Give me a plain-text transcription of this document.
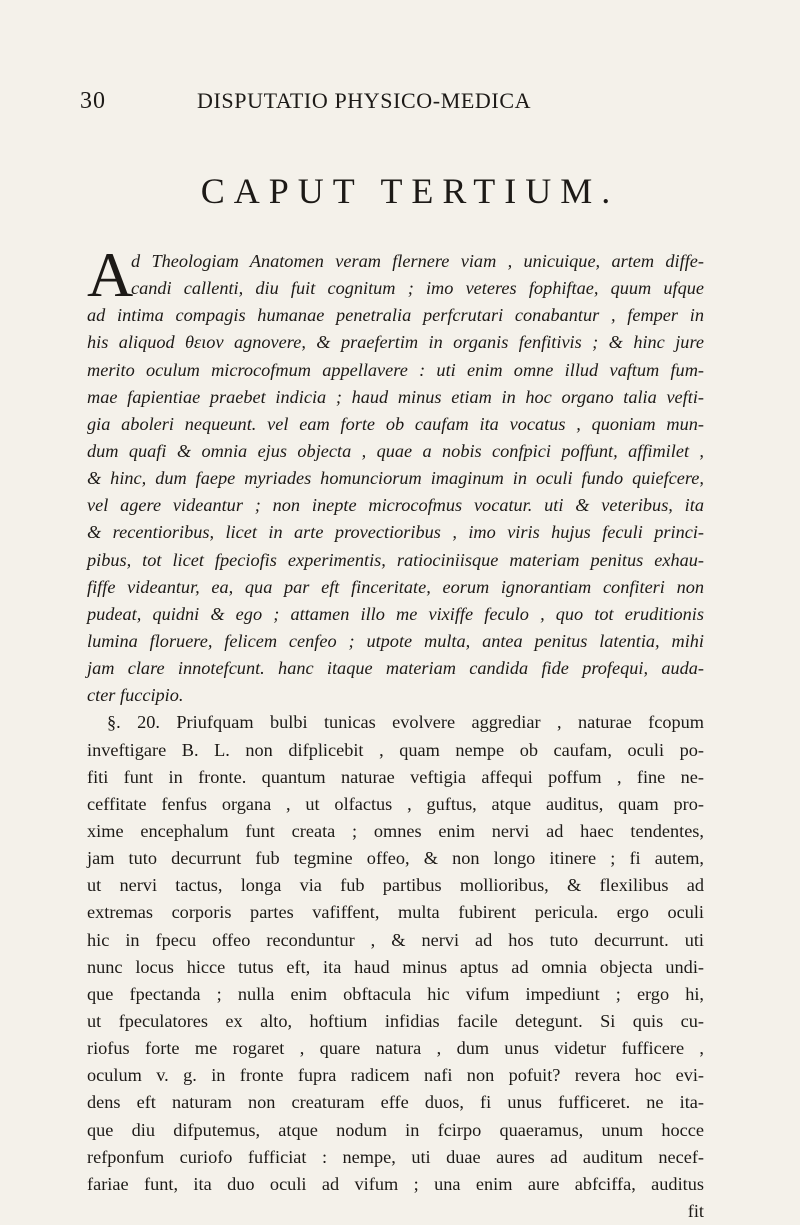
30	DISPUTATIO PHYSICO-MEDICA
CAPUT TERTIUM.
A
d Theologiam Anatomen veram flernere viam , unicuique, artem diffe-
candi callenti, diu fuit cognitum ; imo veteres fophiftae, quum ufque
ad intima compagis humanae penetralia perfcrutari conabantur , femper in
his aliquod θειον agnovere, & praefertim in organis fenfitivis ; & hinc jure
merito oculum microcofmum appellavere : uti enim omne illud vaftum fum-
mae fapientiae praebet indicia ; haud minus etiam in hoc organo talia vefti-
gia aboleri nequeunt. vel eam forte ob caufam ita vocatus , quoniam mun-
dum quafi & omnia ejus objecta , quae a nobis confpici poffunt, affimilet ,
& hinc, dum faepe myriades homunciorum imaginum in oculi fundo quiefcere,
vel agere videantur ; non inepte microcofmus vocatur. uti & veteribus, ita
& recentioribus, licet in arte provectioribus , imo viris hujus feculi princi-
pibus, tot licet fpeciofis experimentis, ratiociniisque materiam penitus exhau-
fiffe videantur, ea, qua par eft finceritate, eorum ignorantiam confiteri non
pudeat, quidni & ego ; attamen illo me vixiffe feculo , quo tot eruditionis
lumina floruere, felicem cenfeo ; utpote multa, antea penitus latentia, mihi
jam clare innotefcunt. hanc itaque materiam candida fide profequi, auda-
cter fuccipio.
§. 20. Priufquam bulbi tunicas evolvere aggrediar , naturae fcopum
inveftigare B. L. non difplicebit , quam nempe ob caufam, oculi po-
fiti funt in fronte. quantum naturae veftigia affequi poffum , fine ne-
ceffitate fenfus organa , ut olfactus , guftus, atque auditus, quam pro-
xime encephalum funt creata ; omnes enim nervi ad haec tendentes,
jam tuto decurrunt fub tegmine offeo, & non longo itinere ; fi autem,
ut nervi tactus, longa via fub partibus mollioribus, & flexilibus ad
extremas corporis partes vafiffent, multa fubirent pericula. ergo oculi
hic in fpecu offeo reconduntur , & nervi ad hos tuto decurrunt. uti
nunc locus hicce tutus eft, ita haud minus aptus ad omnia objecta undi-
que fpectanda ; nulla enim obftacula hic vifum impediunt ; ergo hi,
ut fpeculatores ex alto, hoftium infidias facile detegunt. Si quis cu-
riofus forte me rogaret , quare natura , dum unus videtur fufficere ,
oculum v. g. in fronte fupra radicem nafi non pofuit? revera hoc evi-
dens eft naturam non creaturam effe duos, fi unus fufficeret. ne ita-
que diu difputemus, atque nodum in fcirpo quaeramus, unum hocce
refponfum curiofo fufficiat : nempe, uti duae aures ad auditum necef-
fariae funt, ita duo oculi ad vifum ; una enim aure abfciffa, auditus
fit
